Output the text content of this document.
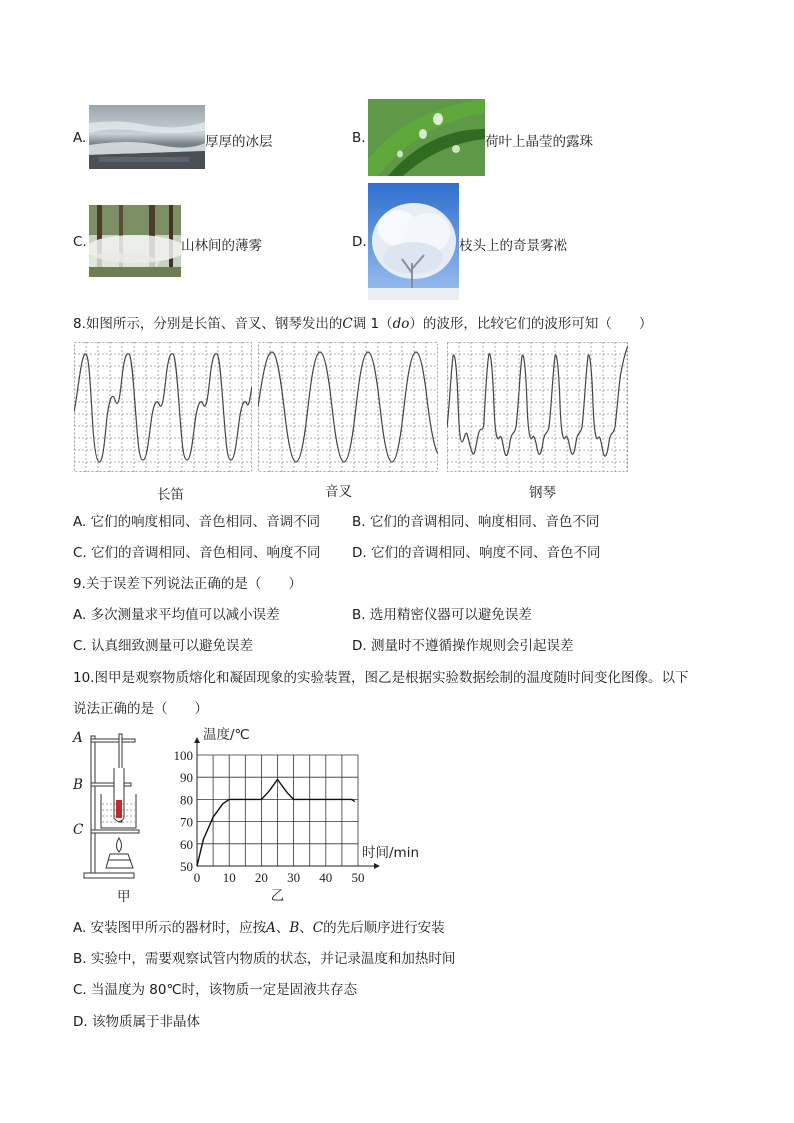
A.	厚厚的冰层	B.	荷叶上晶莹的露珠
C.	山林间的薄雾	D.	枝头上的奇景雾凇
8.如图所示，分别是长笛、音叉、钢琴发出的C调 1（do）的波形，比较它们的波形可知（　　）
长笛	音叉	钢琴
A. 它们的响度相同、音色相同、音调不同 B. 它们的音调相同、响度相同、音色不同
C. 它们的音调相同、音色相同、响度不同 D. 它们的音调相同、响度不同、音色不同
9.关于误差下列说法正确的是（　　）
A. 多次测量求平均值可以减小误差	B. 选用精密仪器可以避免误差
C. 认真细致测量可以避免误差	D. 测量时不遵循操作规则会引起误差
10.图甲是观察物质熔化和凝固现象的实验装置，图乙是根据实验数据绘制的温度随时间变化图像。以下
说法正确的是（　　）
A
B
C
甲
0 10 20 30 40 50
50
60
70
80
90
100
温度/℃
时间/min
乙
A. 安装图甲所示的器材时，应按A、B、C的先后顺序进行安装
B. 实验中，需要观察试管内物质的状态，并记录温度和加热时间
C. 当温度为 80℃时，该物质一定是固液共存态
D. 该物质属于非晶体
